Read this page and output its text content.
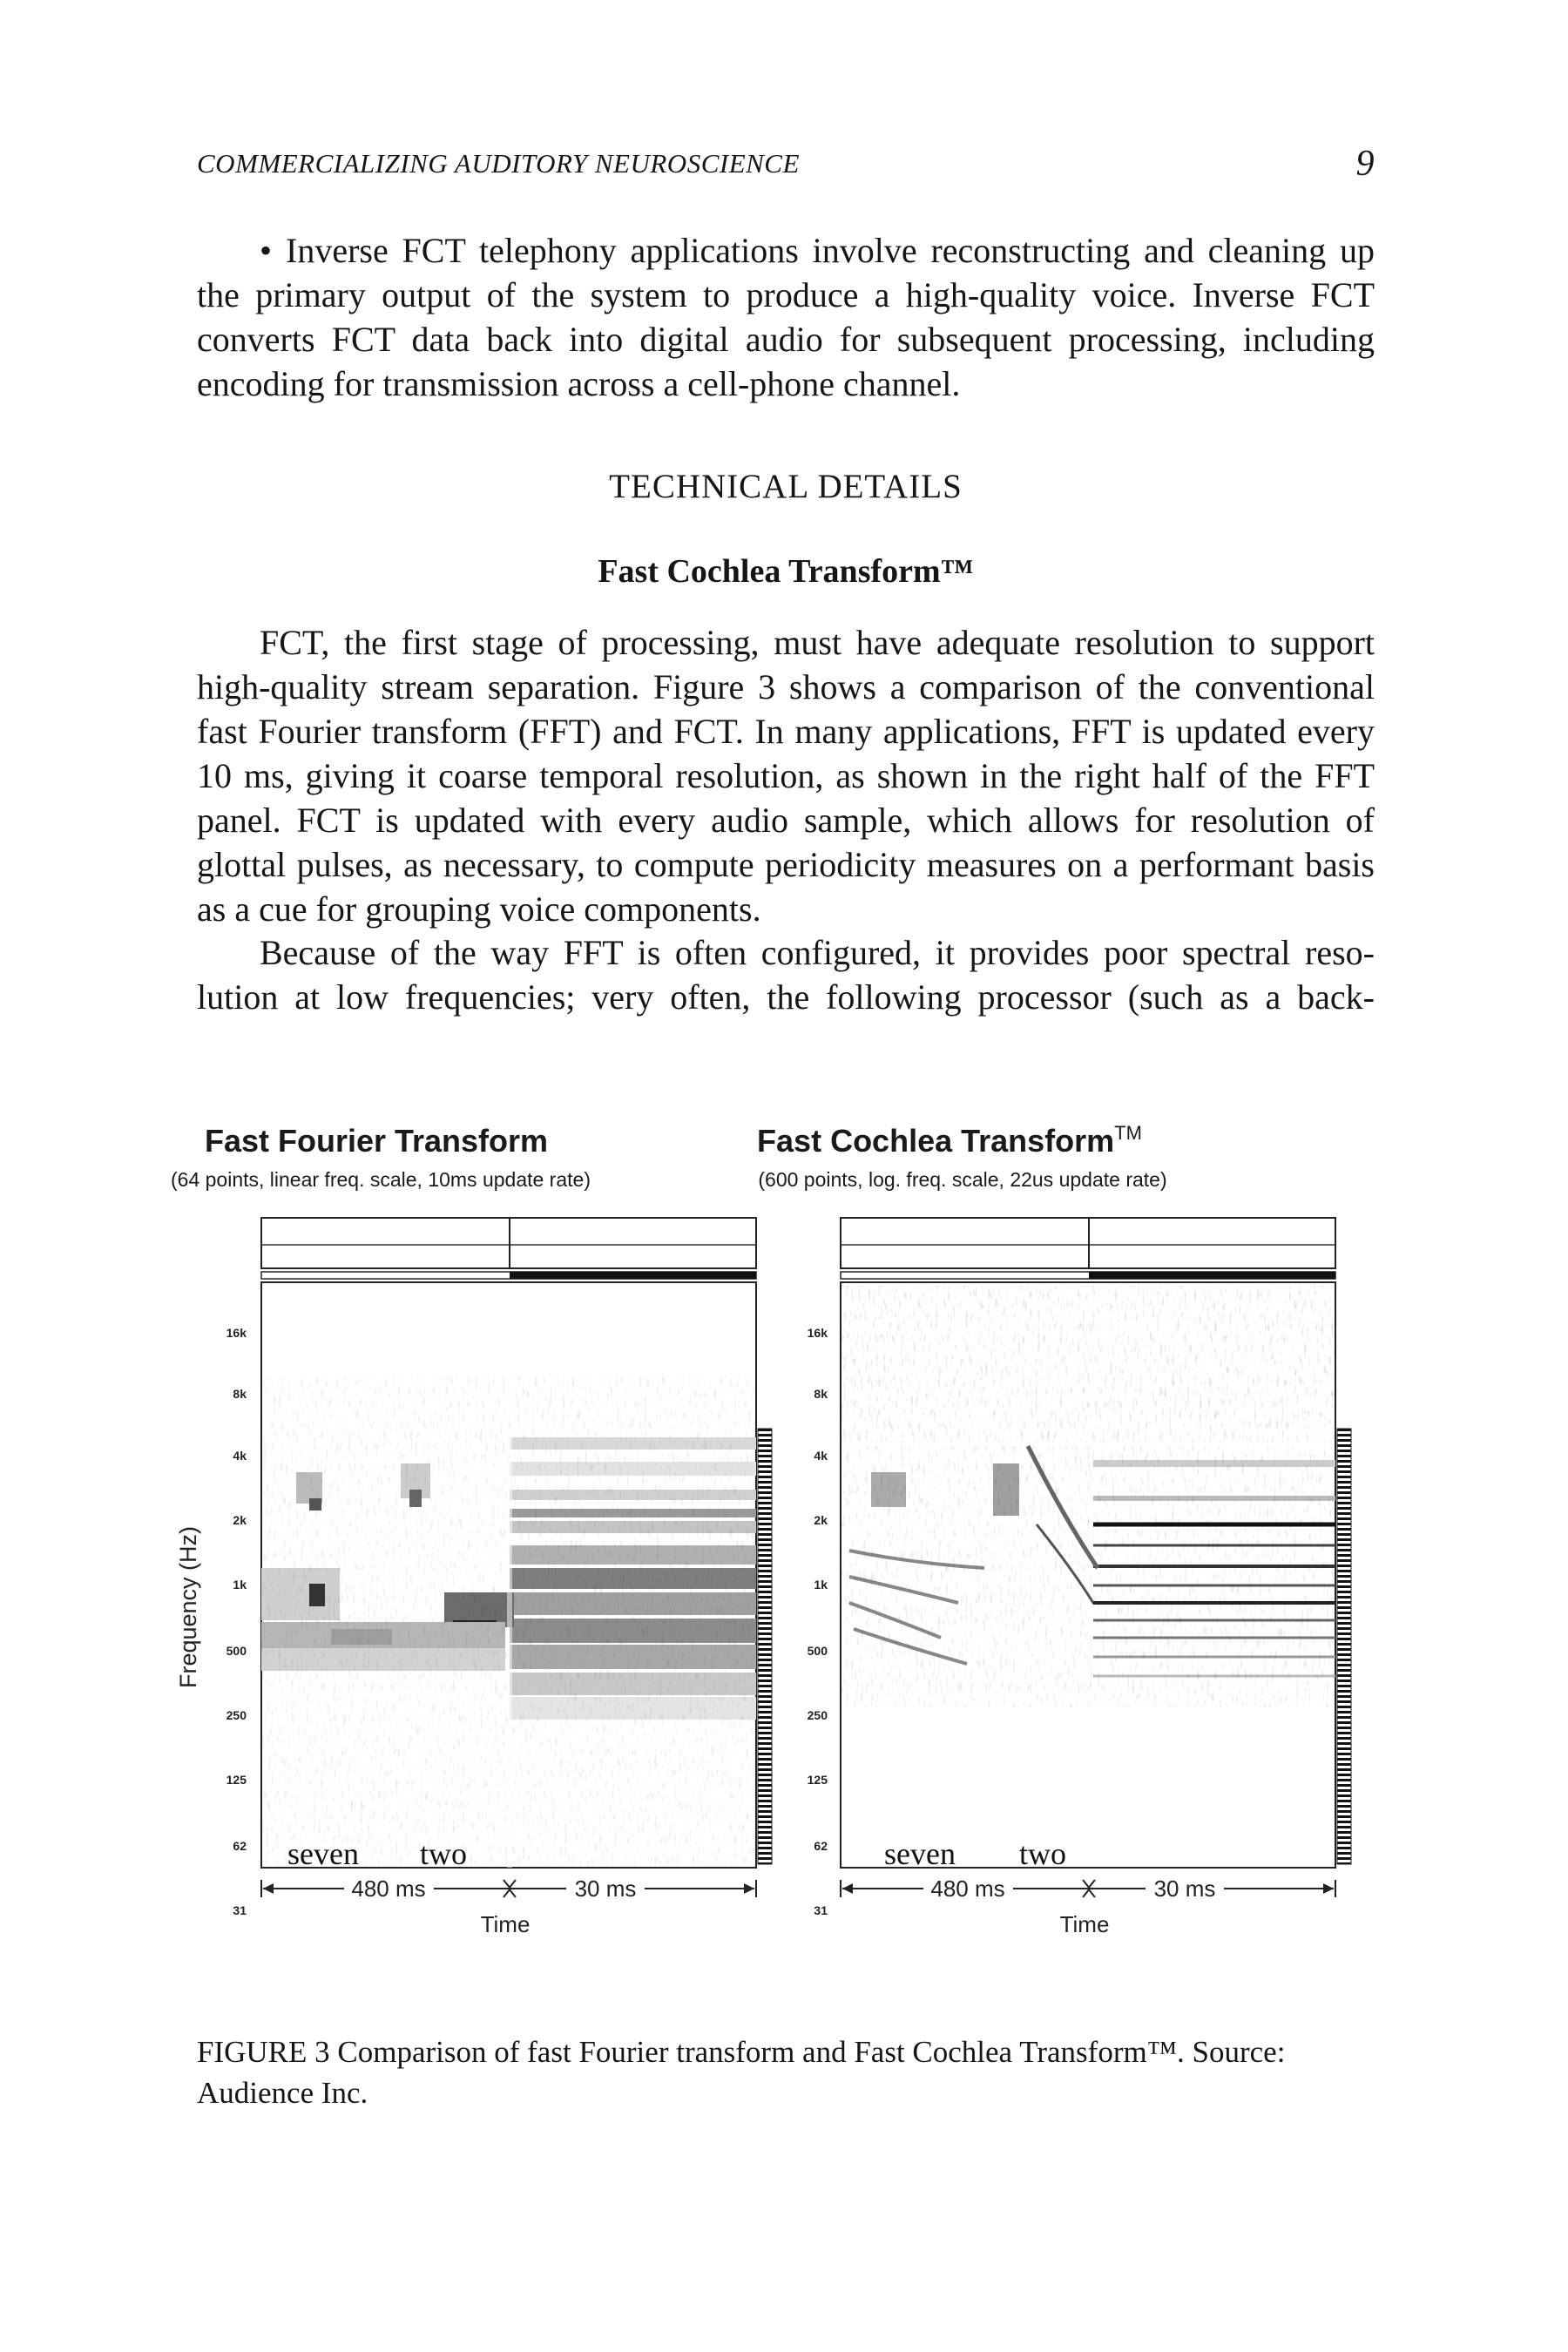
COMMERCIALIZING AUDITORY NEUROSCIENCE	9

• Inverse FCT telephony applications involve reconstructing and cleaning up the primary output of the system to produce a high-quality voice. Inverse FCT converts FCT data back into digital audio for subsequent processing, including encoding for transmission across a cell-phone channel.

TECHNICAL DETAILS
Fast Cochlea Transform™

FCT, the first stage of processing, must have adequate resolution to support high-quality stream separation. Figure 3 shows a comparison of the conventional fast Fourier transform (FFT) and FCT. In many applications, FFT is updated every 10 ms, giving it coarse temporal resolution, as shown in the right half of the FFT panel. FCT is updated with every audio sample, which allows for resolution of glottal pulses, as necessary, to compute periodicity measures on a performant basis as a cue for grouping voice components.

Because of the way FFT is often configured, it provides poor spectral resolution at low frequencies; very often, the following processor (such as a back-

Fast Fourier Transform
(64 points, linear freq. scale, 10ms update rate)
16k
8k
4k
2k
1k
500
250
125
62
31
Frequency (Hz)
seven two
480 ms	30 ms
Time
Fast Cochlea Transform™
(600 points, log. freq. scale, 22us update rate)
16k
8k
4k
2k
1k
500
250
125
62
31
seven two
480 ms	30 ms
Time

FIGURE 3 Comparison of fast Fourier transform and Fast Cochlea Transform™. Source: Audience Inc.
